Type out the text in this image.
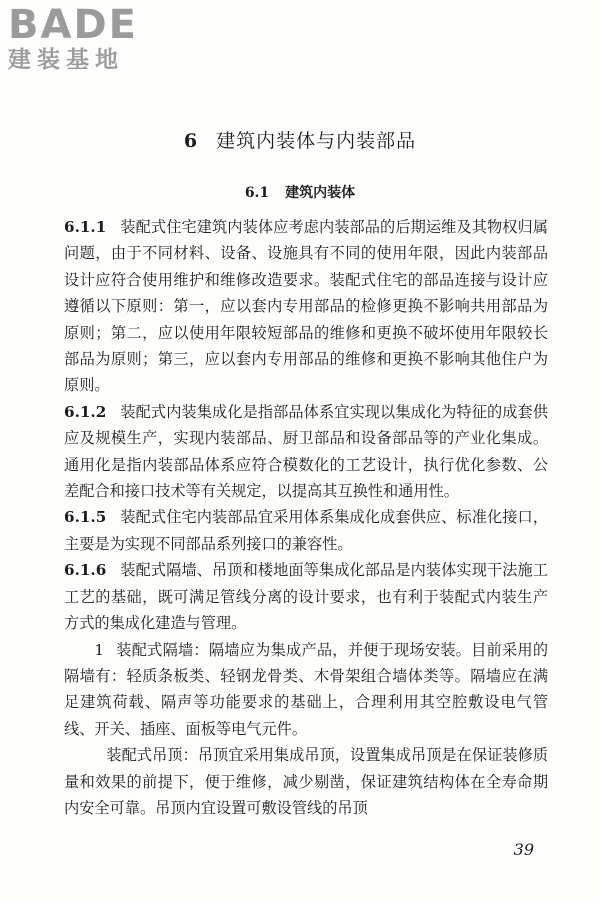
BADE
建装基地
6 建筑内装体与内装部品
6.1 建筑内装体

6.1.1 装配式住宅建筑内装体应考虑内装部品的后期运维及其物权归属问题，由于不同材料、设备、设施具有不同的使用年限，因此内装部品设计应符合使用维护和维修改造要求。装配式住宅的部品连接与设计应遵循以下原则：第一，应以套内专用部品的检修更换不影响共用部品为原则；第二，应以使用年限较短部品的维修和更换不破坏使用年限较长部品为原则；第三，应以套内专用部品的维修和更换不影响其他住户为原则。

6.1.2 装配式内装集成化是指部品体系宜实现以集成化为特征的成套供应及规模生产，实现内装部品、厨卫部品和设备部品等的产业化集成。通用化是指内装部品体系应符合模数化的工艺设计，执行优化参数、公差配合和接口技术等有关规定，以提高其互换性和通用性。

6.1.5 装配式住宅内装部品宜采用体系集成化成套供应、标准化接口，主要是为实现不同部品系列接口的兼容性。

6.1.6 装配式隔墙、吊顶和楼地面等集成化部品是内装体实现干法施工工艺的基础，既可满足管线分离的设计要求，也有利于装配式内装生产方式的集成化建造与管理。

1 装配式隔墙：隔墙应为集成产品，并便于现场安装。目前采用的隔墙有：轻质条板类、轻钢龙骨类、木骨架组合墙体类等。隔墙应在满足建筑荷载、隔声等功能要求的基础上，合理利用其空腔敷设电气管线、开关、插座、面板等电气元件。

装配式吊顶：吊顶宜采用集成吊顶，设置集成吊顶是在保证装修质量和效果的前提下，便于维修，减少剔凿，保证建筑结构体在全寿命期内安全可靠。吊顶内宜设置可敷设管线的吊顶

39
